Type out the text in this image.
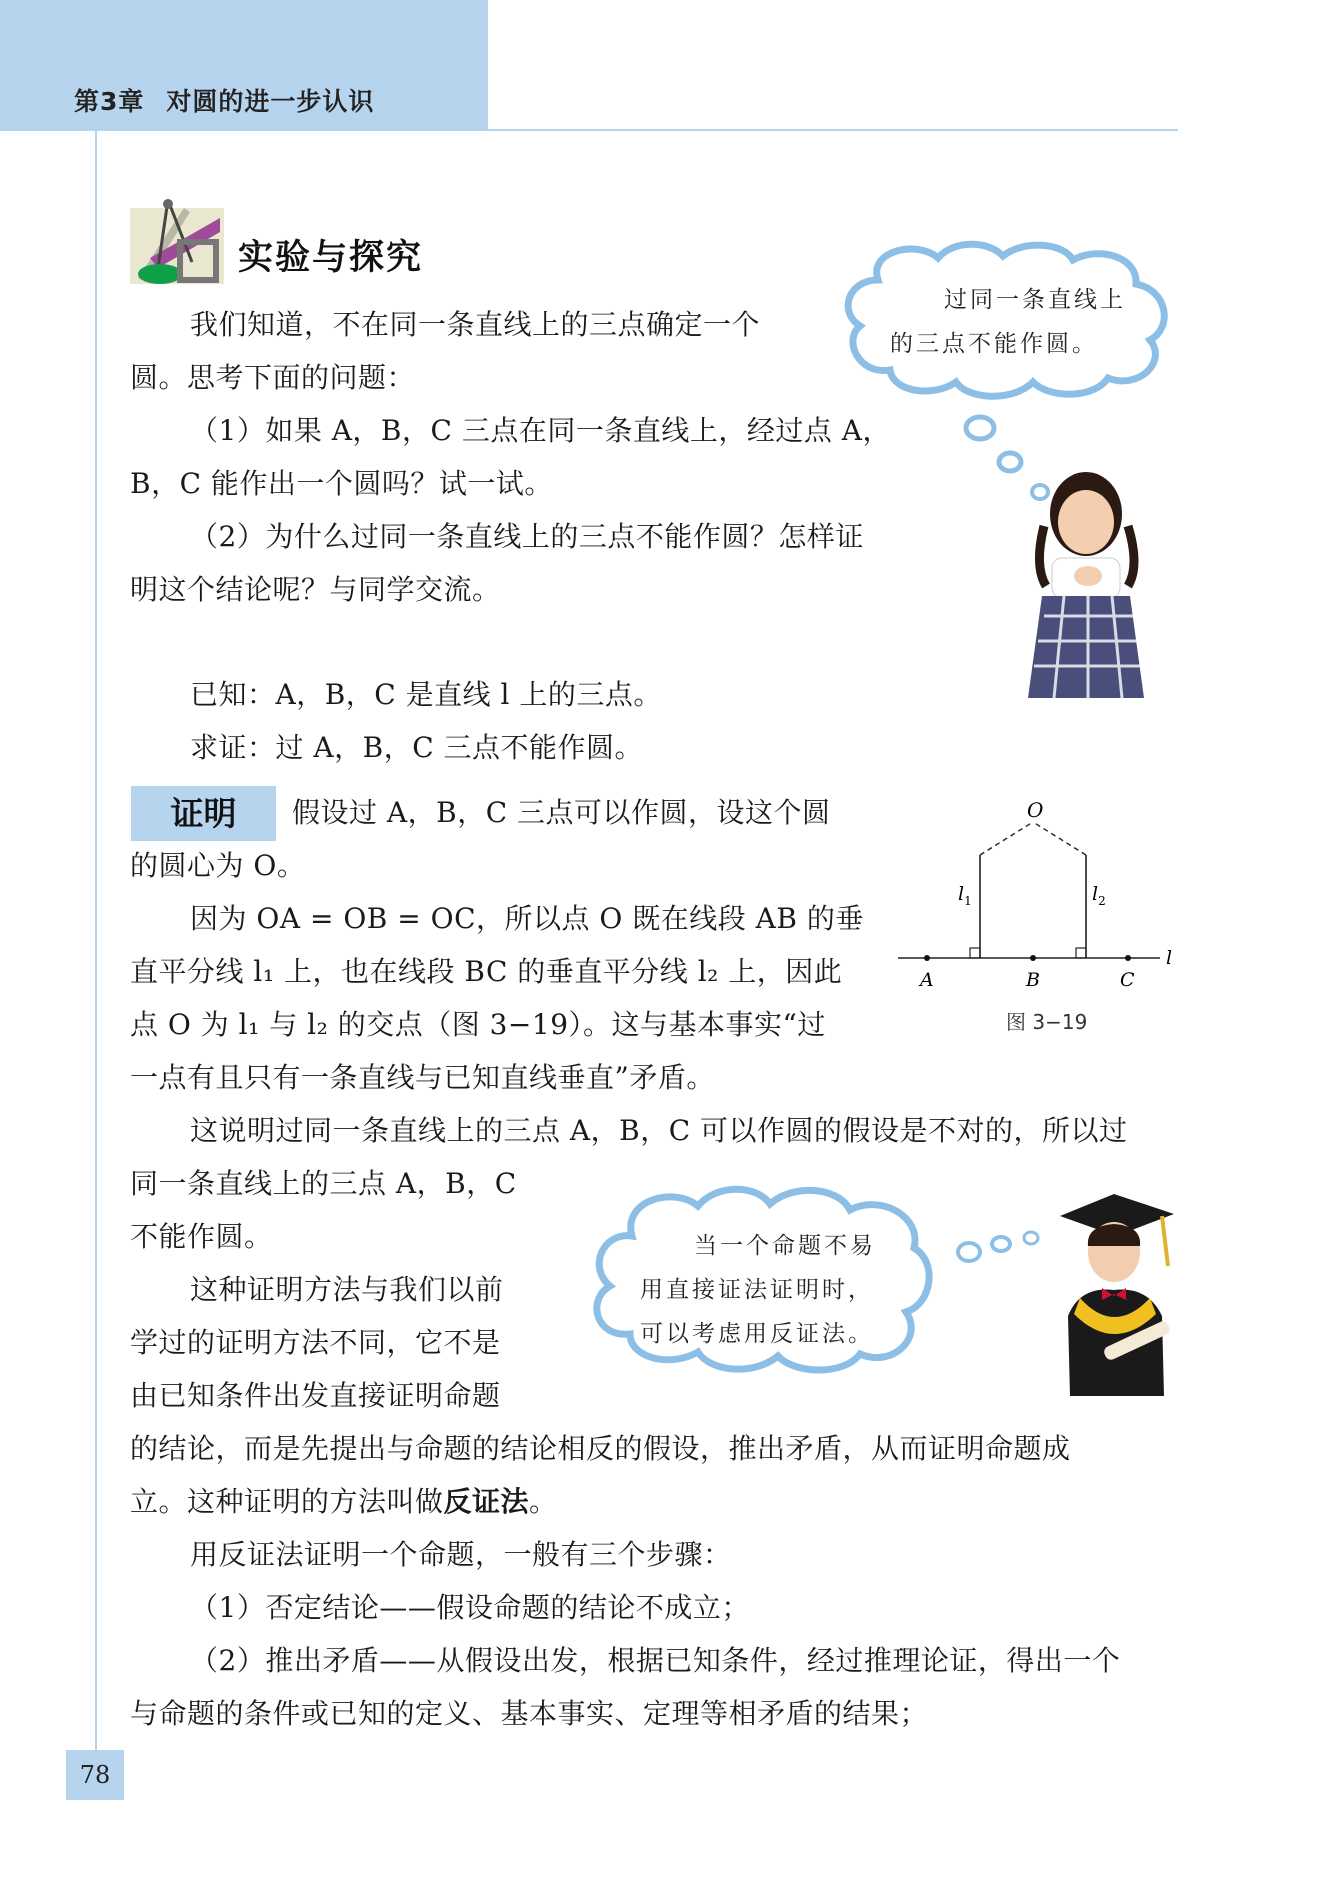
第3章 对圆的进一步认识
实验与探究
过同一条直线上
的三点不能作圆。
我们知道，不在同一条直线上的三点确定一个
圆。思考下面的问题：
（1）如果 A，B，C 三点在同一条直线上，经过点 A，
B，C 能作出一个圆吗？试一试。
（2）为什么过同一条直线上的三点不能作圆？怎样证
明这个结论呢？与同学交流。
已知：A，B，C 是直线 l 上的三点。
求证：过 A，B，C 三点不能作圆。
证明	假设过 A，B，C 三点可以作圆，设这个圆
的圆心为 O。
因为 OA = OB = OC，所以点 O 既在线段 AB 的垂
直平分线 l₁ 上，也在线段 BC 的垂直平分线 l₂ 上，因此
点 O 为 l₁ 与 l₂ 的交点（图 3−19）。这与基本事实“过
一点有且只有一条直线与已知直线垂直”矛盾。
O
$l_1$	$l_2$
l
A	B	C
图 3−19
这说明过同一条直线上的三点 A，B，C 可以作圆的假设是不对的，所以过
同一条直线上的三点 A，B，C
不能作圆。	当一个命题不易
用直接证法证明时，
可以考虑用反证法。
这种证明方法与我们以前
学过的证明方法不同，它不是
由已知条件出发直接证明命题
的结论，而是先提出与命题的结论相反的假设，推出矛盾，从而证明命题成
立。这种证明的方法叫做反证法。
用反证法证明一个命题，一般有三个步骤：
（1）否定结论——假设命题的结论不成立；
（2）推出矛盾——从假设出发，根据已知条件，经过推理论证，得出一个
与命题的条件或已知的定义、基本事实、定理等相矛盾的结果；
78
